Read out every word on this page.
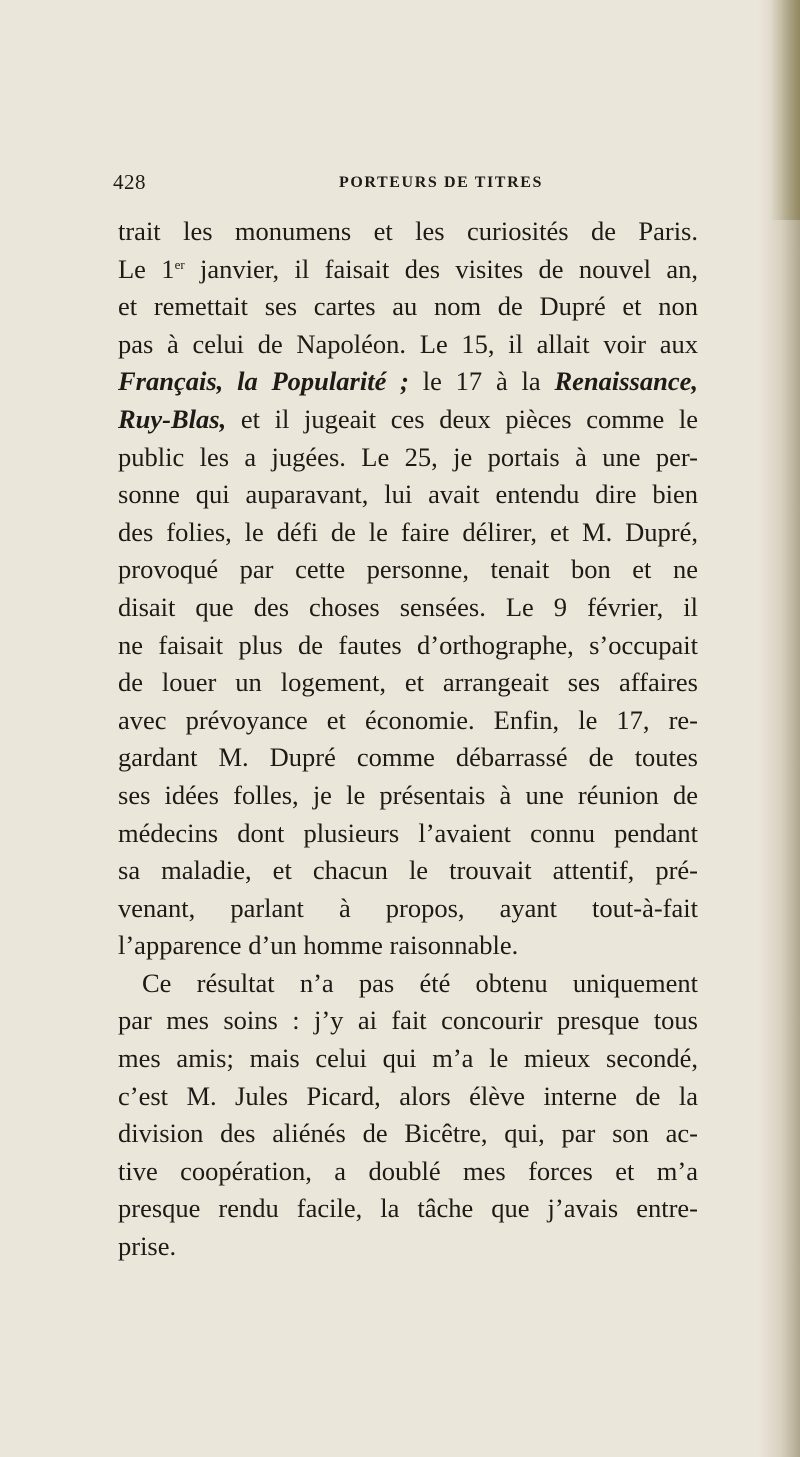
428	PORTEURS DE TITRES
trait les monumens et les curiosités de Paris.
Le 1er janvier, il faisait des visites de nouvel an,
et remettait ses cartes au nom de Dupré et non
pas à celui de Napoléon. Le 15, il allait voir aux
Français, la Popularité ; le 17 à la Renaissance,
Ruy-Blas, et il jugeait ces deux pièces comme le
public les a jugées. Le 25, je portais à une per-
sonne qui auparavant, lui avait entendu dire bien
des folies, le défi de le faire délirer, et M. Dupré,
provoqué par cette personne, tenait bon et ne
disait que des choses sensées. Le 9 février, il
ne faisait plus de fautes d’orthographe, s’occupait
de louer un logement, et arrangeait ses affaires
avec prévoyance et économie. Enfin, le 17, re-
gardant M. Dupré comme débarrassé de toutes
ses idées folles, je le présentais à une réunion de
médecins dont plusieurs l’avaient connu pendant
sa maladie, et chacun le trouvait attentif, pré-
venant, parlant à propos, ayant tout-à-fait
l’apparence d’un homme raisonnable.
Ce résultat n’a pas été obtenu uniquement
par mes soins : j’y ai fait concourir presque tous
mes amis; mais celui qui m’a le mieux secondé,
c’est M. Jules Picard, alors élève interne de la
division des aliénés de Bicêtre, qui, par son ac-
tive coopération, a doublé mes forces et m’a
presque rendu facile, la tâche que j’avais entre-
prise.
